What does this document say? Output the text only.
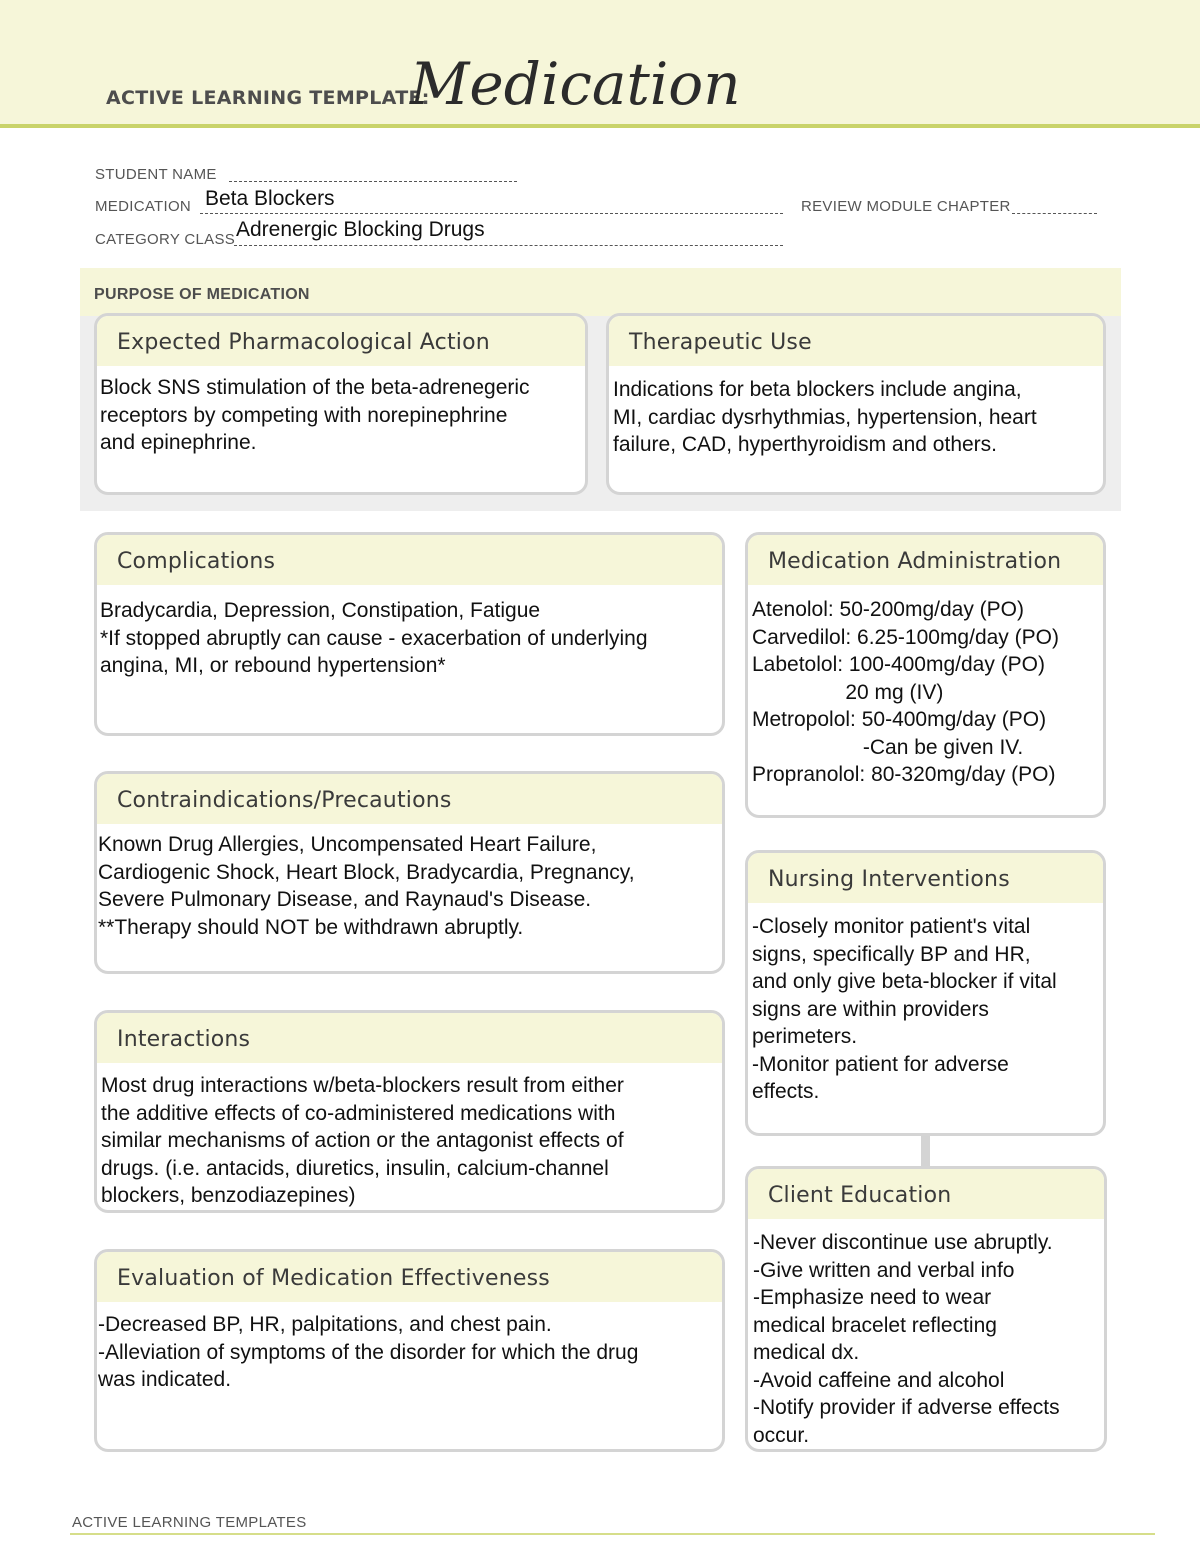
ACTIVE LEARNING TEMPLATE:
Medication
STUDENT NAME
MEDICATION Beta Blockers	REVIEW MODULE CHAPTER
CATEGORY CLASS Adrenergic Blocking Drugs
PURPOSE OF MEDICATION
Expected Pharmacological Action
Block SNS stimulation of the beta-adrenegeric
receptors by competing with norepinephrine
and epinephrine.
Therapeutic Use
Indications for beta blockers include angina,
MI, cardiac dysrhythmias, hypertension, heart
failure, CAD, hyperthyroidism and others.
Complications
Bradycardia, Depression, Constipation, Fatigue
*If stopped abruptly can cause - exacerbation of underlying
angina, MI, or rebound hypertension*
Contraindications/Precautions
Known Drug Allergies, Uncompensated Heart Failure,
Cardiogenic Shock, Heart Block, Bradycardia, Pregnancy,
Severe Pulmonary Disease, and Raynaud's Disease.
**Therapy should NOT be withdrawn abruptly.
Interactions
Most drug interactions w/beta-blockers result from either
the additive effects of co-administered medications with
similar mechanisms of action or the antagonist effects of
drugs. (i.e. antacids, diuretics, insulin, calcium-channel
blockers, benzodiazepines)
Evaluation of Medication Effectiveness
-Decreased BP, HR, palpitations, and chest pain.
-Alleviation of symptoms of the disorder for which the drug
was indicated.
Medication Administration
Atenolol: 50-200mg/day (PO)
Carvedilol: 6.25-100mg/day (PO)
Labetolol: 100-400mg/day (PO)
20 mg (IV)
Metropolol: 50-400mg/day (PO)
-Can be given IV.
Propranolol: 80-320mg/day (PO)
Nursing Interventions
-Closely monitor patient's vital
signs, specifically BP and HR,
and only give beta-blocker if vital
signs are within providers
perimeters.
-Monitor patient for adverse
effects.
Client Education
-Never discontinue use abruptly.
-Give written and verbal info
-Emphasize need to wear
medical bracelet reflecting
medical dx.
-Avoid caffeine and alcohol
-Notify provider if adverse effects
occur.
ACTIVE LEARNING TEMPLATES
